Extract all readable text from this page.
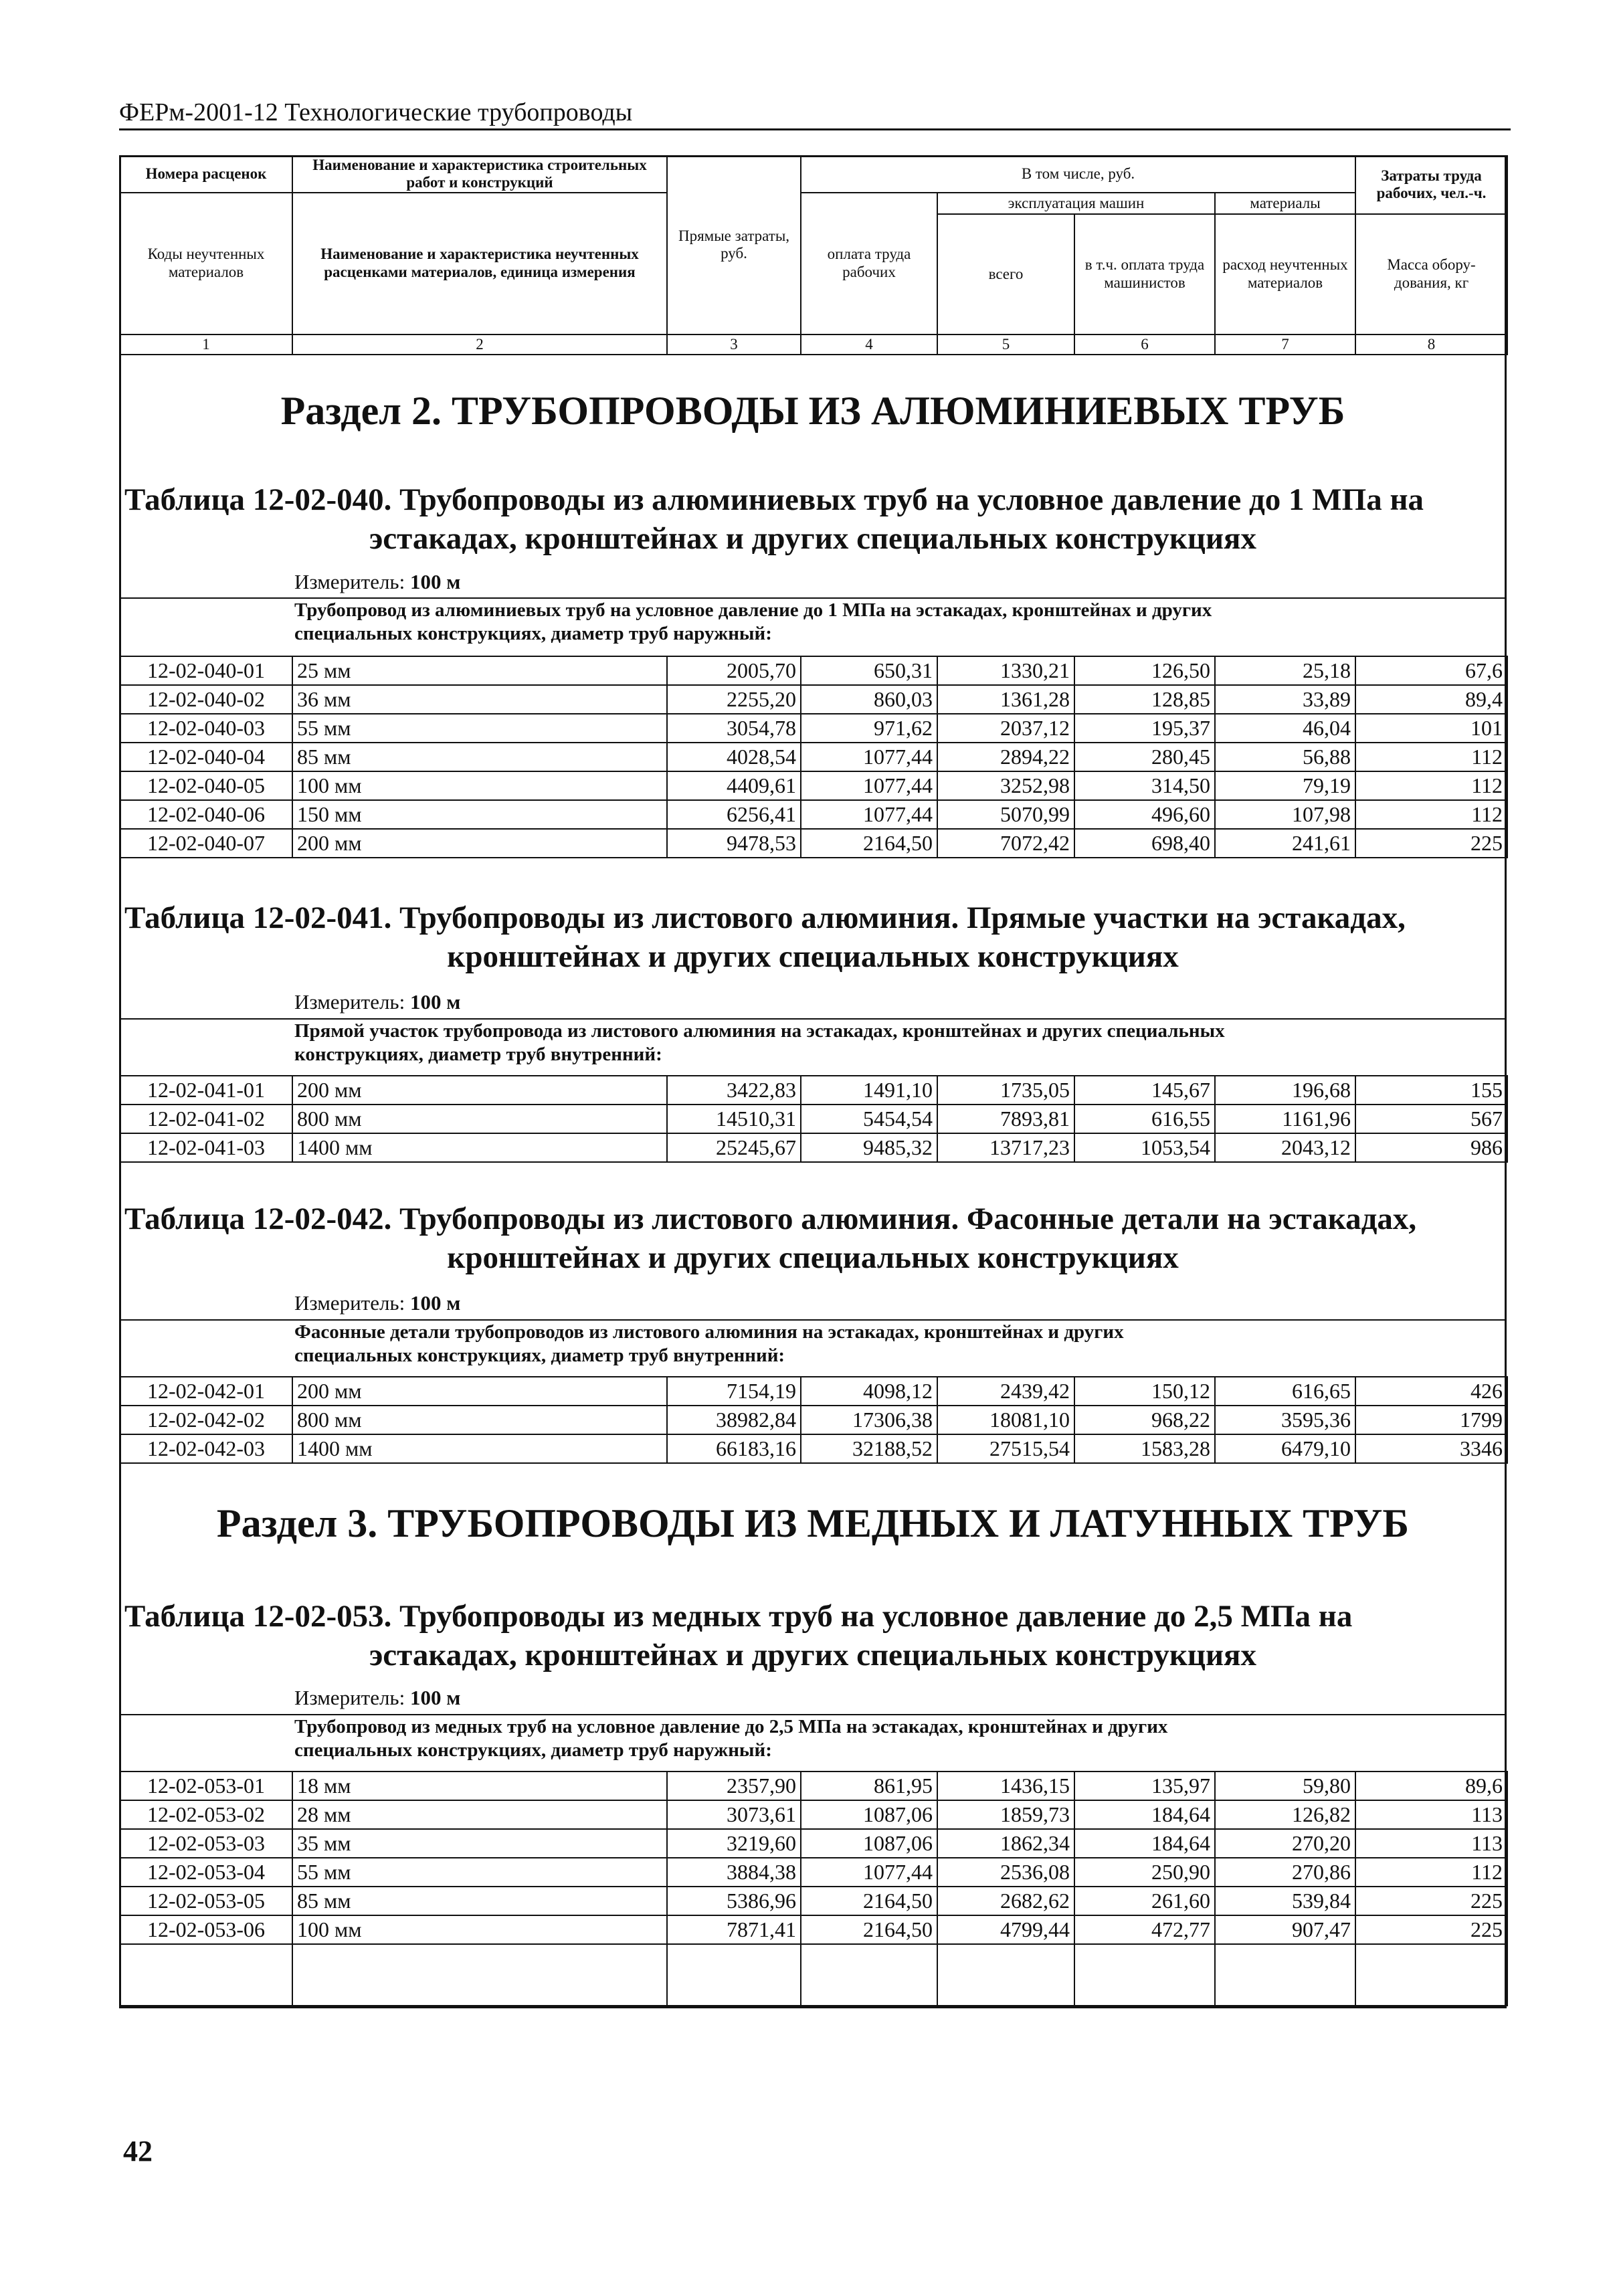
ФЕРм-2001-12 Технологические трубопроводы
Номера расценок	Наименование и характеристика строительных работ и конструкций	Прямые затраты, руб.	В том числе, руб.				Затраты труда рабочих, чел.-ч.
Коды неучтенных материалов	Наименование и характеристика неучтенных расценками материалов, единица измерения		оплата труда рабочих	эксплуатация машин		материалы	
				всего	в т.ч. оплата труда машинистов	расход неучтенных материалов	Масса обору-дования, кг
1	2	3	4	5	6	7	8
Раздел 2. ТРУБОПРОВОДЫ ИЗ АЛЮМИНИЕВЫХ ТРУБ
Таблица 12-02-040. Трубопроводы из алюминиевых труб на условное давление до 1 МПа на
эстакадах, кронштейнах и других специальных конструкциях
Измеритель: 100 м
Трубопровод из алюминиевых труб на условное давление до 1 МПа на эстакадах, кронштейнах и других
специальных конструкциях, диаметр труб наружный:
12-02-040-01	25 мм	2005,70	650,31	1330,21	126,50	25,18	67,6
12-02-040-02	36 мм	2255,20	860,03	1361,28	128,85	33,89	89,4
12-02-040-03	55 мм	3054,78	971,62	2037,12	195,37	46,04	101
12-02-040-04	85 мм	4028,54	1077,44	2894,22	280,45	56,88	112
12-02-040-05	100 мм	4409,61	1077,44	3252,98	314,50	79,19	112
12-02-040-06	150 мм	6256,41	1077,44	5070,99	496,60	107,98	112
12-02-040-07	200 мм	9478,53	2164,50	7072,42	698,40	241,61	225
Таблица 12-02-041. Трубопроводы из листового алюминия. Прямые участки на эстакадах,
кронштейнах и других специальных конструкциях
Измеритель: 100 м
Прямой участок трубопровода из листового алюминия на эстакадах, кронштейнах и других специальных
конструкциях, диаметр труб внутренний:
12-02-041-01	200 мм	3422,83	1491,10	1735,05	145,67	196,68	155
12-02-041-02	800 мм	14510,31	5454,54	7893,81	616,55	1161,96	567
12-02-041-03	1400 мм	25245,67	9485,32	13717,23	1053,54	2043,12	986
Таблица 12-02-042. Трубопроводы из листового алюминия. Фасонные детали на эстакадах,
кронштейнах и других специальных конструкциях
Измеритель: 100 м
Фасонные детали трубопроводов из листового алюминия на эстакадах, кронштейнах и других
специальных конструкциях, диаметр труб внутренний:
12-02-042-01	200 мм	7154,19	4098,12	2439,42	150,12	616,65	426
12-02-042-02	800 мм	38982,84	17306,38	18081,10	968,22	3595,36	1799
12-02-042-03	1400 мм	66183,16	32188,52	27515,54	1583,28	6479,10	3346
Раздел 3. ТРУБОПРОВОДЫ ИЗ МЕДНЫХ И ЛАТУННЫХ ТРУБ
Таблица 12-02-053. Трубопроводы из медных труб на условное давление до 2,5 МПа на
эстакадах, кронштейнах и других специальных конструкциях
Измеритель: 100 м
Трубопровод из медных труб на условное давление до 2,5 МПа на эстакадах, кронштейнах и других
специальных конструкциях, диаметр труб наружный:
12-02-053-01	18 мм	2357,90	861,95	1436,15	135,97	59,80	89,6
12-02-053-02	28 мм	3073,61	1087,06	1859,73	184,64	126,82	113
12-02-053-03	35 мм	3219,60	1087,06	1862,34	184,64	270,20	113
12-02-053-04	55 мм	3884,38	1077,44	2536,08	250,90	270,86	112
12-02-053-05	85 мм	5386,96	2164,50	2682,62	261,60	539,84	225
12-02-053-06	100 мм	7871,41	2164,50	4799,44	472,77	907,47	225

42
